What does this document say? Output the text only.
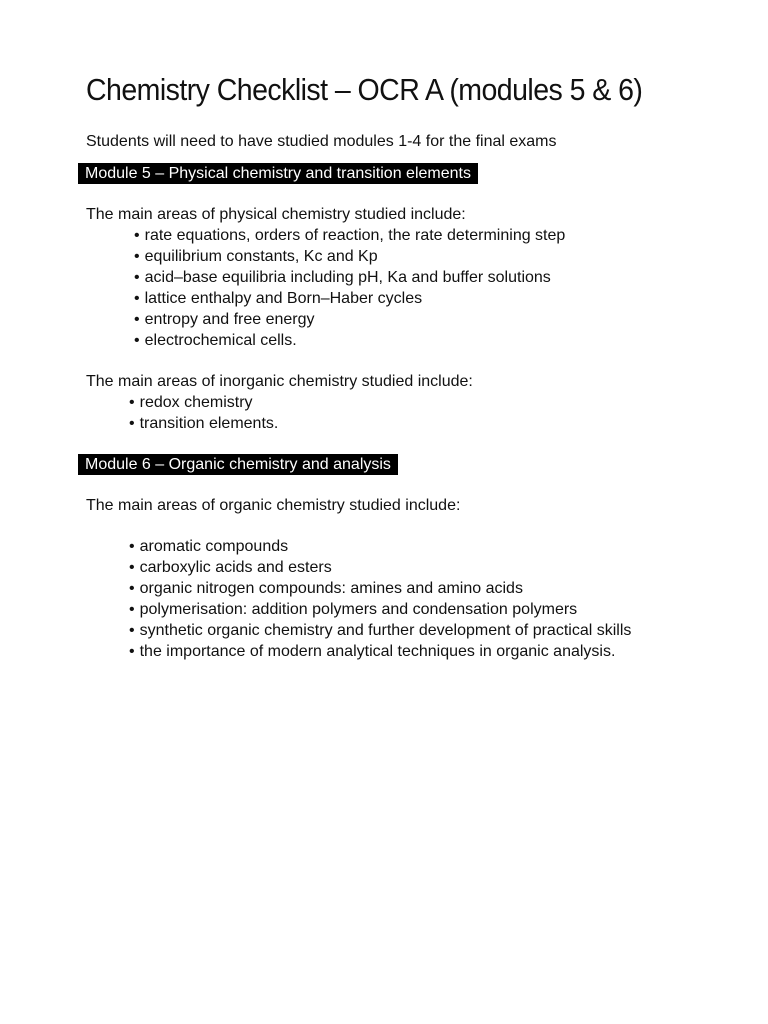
Chemistry Checklist – OCR A (modules 5 & 6)
Students will need to have studied modules 1-4 for the final exams
Module 5 – Physical chemistry and transition elements
The main areas of physical chemistry studied include:
• rate equations, orders of reaction, the rate determining step
• equilibrium constants, Kc and Kp
• acid–base equilibria including pH, Ka and buffer solutions
• lattice enthalpy and Born–Haber cycles
• entropy and free energy
• electrochemical cells.
The main areas of inorganic chemistry studied include:
• redox chemistry
• transition elements.
Module 6 – Organic chemistry and analysis
The main areas of organic chemistry studied include:
• aromatic compounds
• carboxylic acids and esters
• organic nitrogen compounds: amines and amino acids
• polymerisation: addition polymers and condensation polymers
• synthetic organic chemistry and further development of practical skills
• the importance of modern analytical techniques in organic analysis.
